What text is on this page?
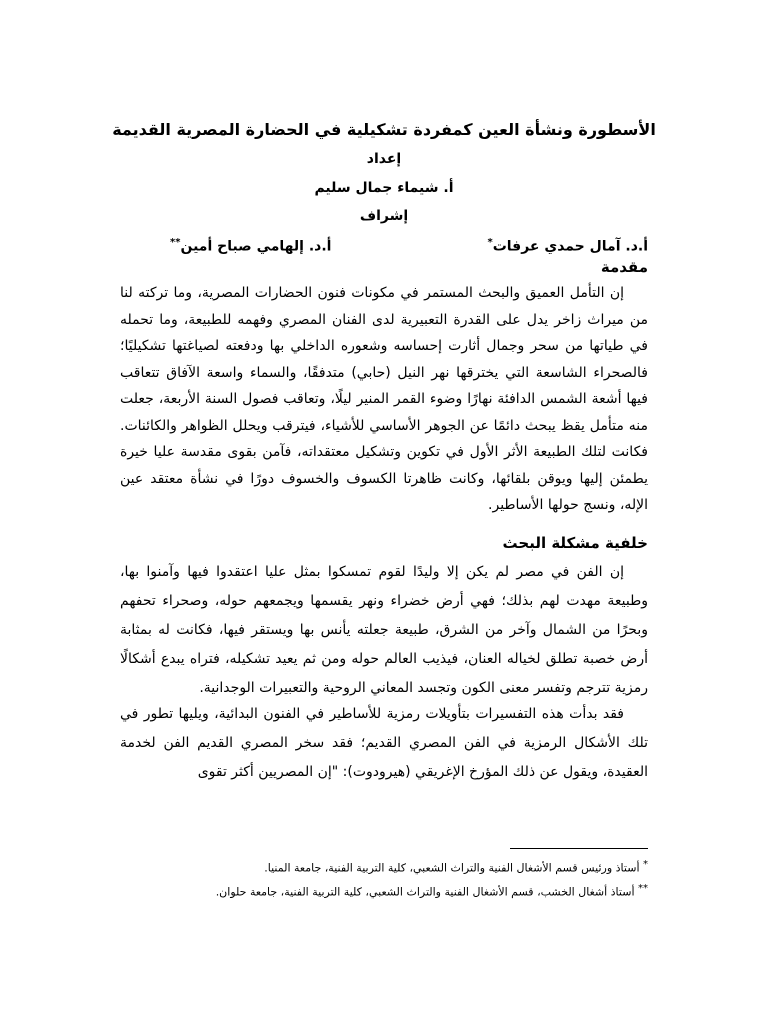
الأسطورة ونشأة العين كمفردة تشكيلية في الحضارة المصرية القديمة
إعداد
أ. شيماء جمال سليم
إشراف
أ.د. آمال حمدي عرفات*
أ.د. إلهامي صباح أمين**
مقدمة

إن التأمل العميق والبحث المستمر في مكونات فنون الحضارات المصرية، وما تركته لنا من ميراث زاخر يدل على القدرة التعبيرية لدى الفنان المصري وفهمه للطبيعة، وما تحمله في طياتها من سحر وجمال أثارت إحساسه وشعوره الداخلي بها ودفعته لصياغتها تشكيليًا؛ فالصحراء الشاسعة التي يخترقها نهر النيل (حابي) متدفقًا، والسماء واسعة الآفاق تتعاقب فيها أشعة الشمس الدافئة نهارًا وضوء القمر المنير ليلًا، وتعاقب فصول السنة الأربعة، جعلت منه متأمل يقظ يبحث دائمًا عن الجوهر الأساسي للأشياء، فيترقب ويحلل الظواهر والكائنات. فكانت لتلك الطبيعة الأثر الأول في تكوين وتشكيل معتقداته، فآمن بقوى مقدسة عليا خيرة يطمئن إليها ويوقن بلقائها، وكانت ظاهرتا الكسوف والخسوف دورًا في نشأة معتقد عين الإله، ونسج حولها الأساطير.

خلفية مشكلة البحث

إن الفن في مصر لم يكن إلا وليدًا لقوم تمسكوا بمثل عليا اعتقدوا فيها وآمنوا بها، وطبيعة مهدت لهم بذلك؛ فهي أرض خضراء ونهر يقسمها ويجمعهم حوله، وصحراء تحفهم وبحرًا من الشمال وآخر من الشرق، طبيعة جعلته يأنس بها ويستقر فيها، فكانت له بمثابة أرض خصبة تطلق لخياله العنان، فيذيب العالم حوله ومن ثم يعيد تشكيله، فتراه يبدع أشكالًا رمزية تترجم وتفسر معنى الكون وتجسد المعاني الروحية والتعبيرات الوجدانية.

فقد بدأت هذه التفسيرات بتأويلات رمزية للأساطير في الفنون البدائية، ويليها تطور في تلك الأشكال الرمزية في الفن المصري القديم؛ فقد سخر المصري القديم الفن لخدمة العقيدة، ويقول عن ذلك المؤرخ الإغريقي (هيرودوت): "إن المصريين أكثر تقوى

* أستاذ ورئيس قسم الأشغال الفنية والتراث الشعبي، كلية التربية الفنية، جامعة المنيا.

** أستاذ أشغال الخشب، قسم الأشغال الفنية والتراث الشعبي، كلية التربية الفنية، جامعة حلوان.
